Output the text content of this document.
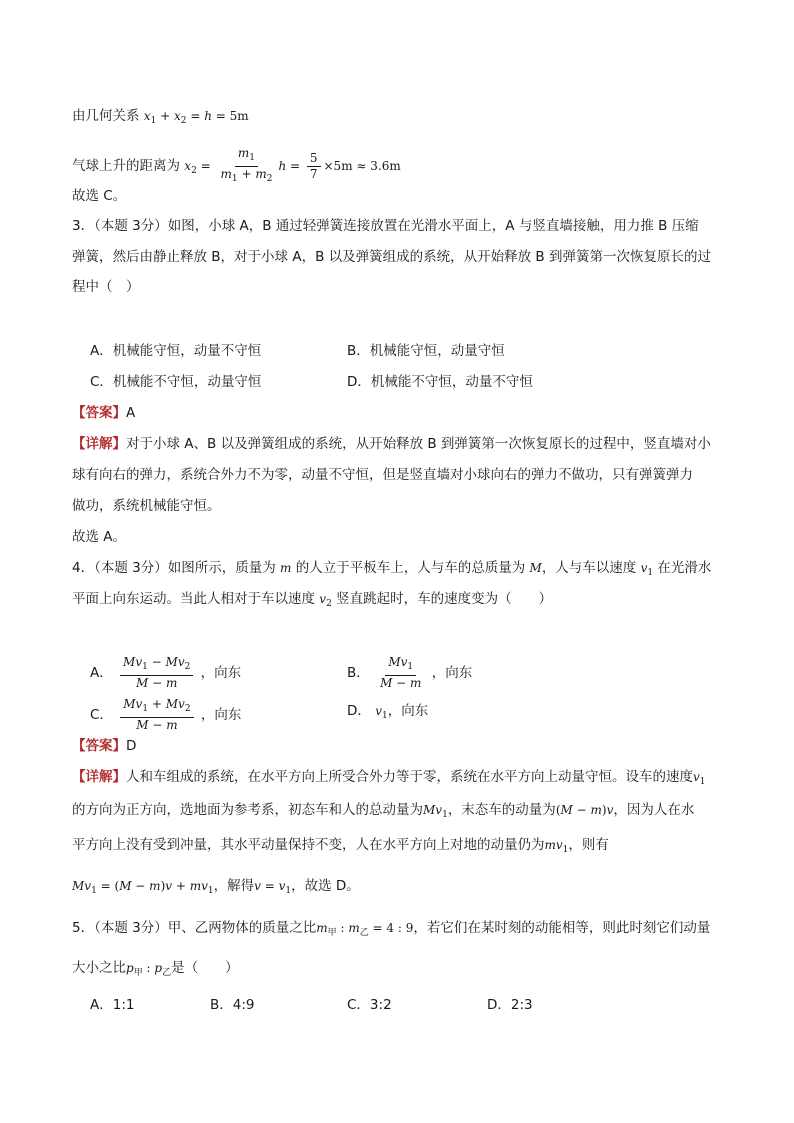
由几何关系 $x_1 + x_2 = h = 5m$
气球上升的距离为 $x_2 = \frac{m_1}{m_1 + m_2}$ $h = \frac{5}{7} \times 5m \approx 3.6m$
故选 C。
3．（本题 3分）如图，小球 A，B 通过轻弹簧连接放置在光滑水平面上，A 与竖直墙接触，用力推 B 压缩
弹簧，然后由静止释放 B，对于小球 A，B 以及弹簧组成的系统，从开始释放 B 到弹簧第一次恢复原长的过
程中（　）
A．机械能守恒，动量不守恒	B．机械能守恒，动量守恒
C．机械能不守恒，动量守恒	D．机械能不守恒，动量不守恒
【答案】A
【详解】对于小球 A、B 以及弹簧组成的系统，从开始释放 B 到弹簧第一次恢复原长的过程中，竖直墙对小
球有向右的弹力，系统合外力不为零，动量不守恒，但是竖直墙对小球向右的弹力不做功，只有弹簧弹力
做功，系统机械能守恒。
故选 A。
4．（本题 3分）如图所示，质量为 m 的人立于平板车上，人与车的总质量为 M，人与车以速度 $v_1$ 在光滑水
平面上向东运动。当此人相对于车以速度 $v_2$ 竖直跳起时，车的速度变为（　　）
A． $\frac{Mv_1 - Mv_2}{M - m}$ ，向东	B． $\frac{Mv_1}{M - m}$ ，向东
C． $\frac{Mv_1 + Mv_2}{M - m}$ ，向东	D． $v_1$，向东
【答案】D
【详解】人和车组成的系统，在水平方向上所受合外力等于零，系统在水平方向上动量守恒。设车的速度$v_1$
的方向为正方向，选地面为参考系，初态车和人的总动量为$Mv_1$，末态车的动量为(M − m)v，因为人在水
平方向上没有受到冲量，其水平动量保持不变，人在水平方向上对地的动量仍为$mv_1$，则有
$Mv_1 = (M - m)v + mv_1$，解得$v = v_1$，故选 D。
5．（本题 3分）甲、乙两物体的质量之比$m_甲$ : $m_乙 = 4$ : 9，若它们在某时刻的动能相等，则此时刻它们动量
大小之比$p_甲$ : $p_乙$是（　　）
A．1:1	B．4:9	C．3:2	D．2:3
